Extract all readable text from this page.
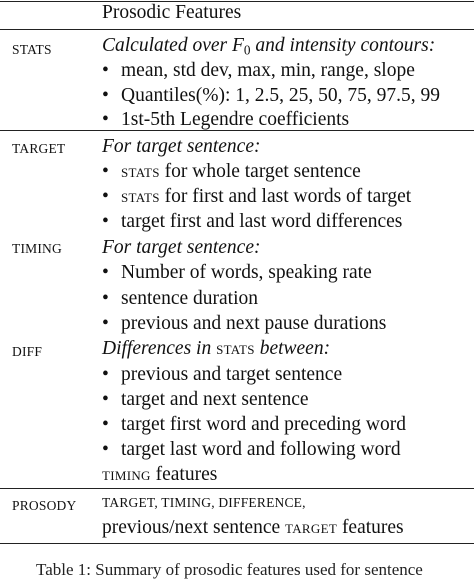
Prosodic Features
STATS	Calculated over $F_0$ and intensity contours:
• mean, std dev, max, min, range, slope
• Quantiles(%): 1, 2.5, 25, 50, 75, 97.5, 99
• 1st-5th Legendre coefficients
TARGET For target sentence:
• stats for whole target sentence
• stats for first and last words of target
• target first and last word differences
TIMING For target sentence:
• Number of words, speaking rate
• sentence duration
• previous and next pause durations
DIFF	Differences in stats between:
• previous and target sentence
• target and next sentence
• target first word and preceding word
• target last word and following word
timing features
PROSODY TARGET, TIMING, DIFFERENCE,
previous/next sentence target features
Table 1: Summary of prosodic features used for sentence
